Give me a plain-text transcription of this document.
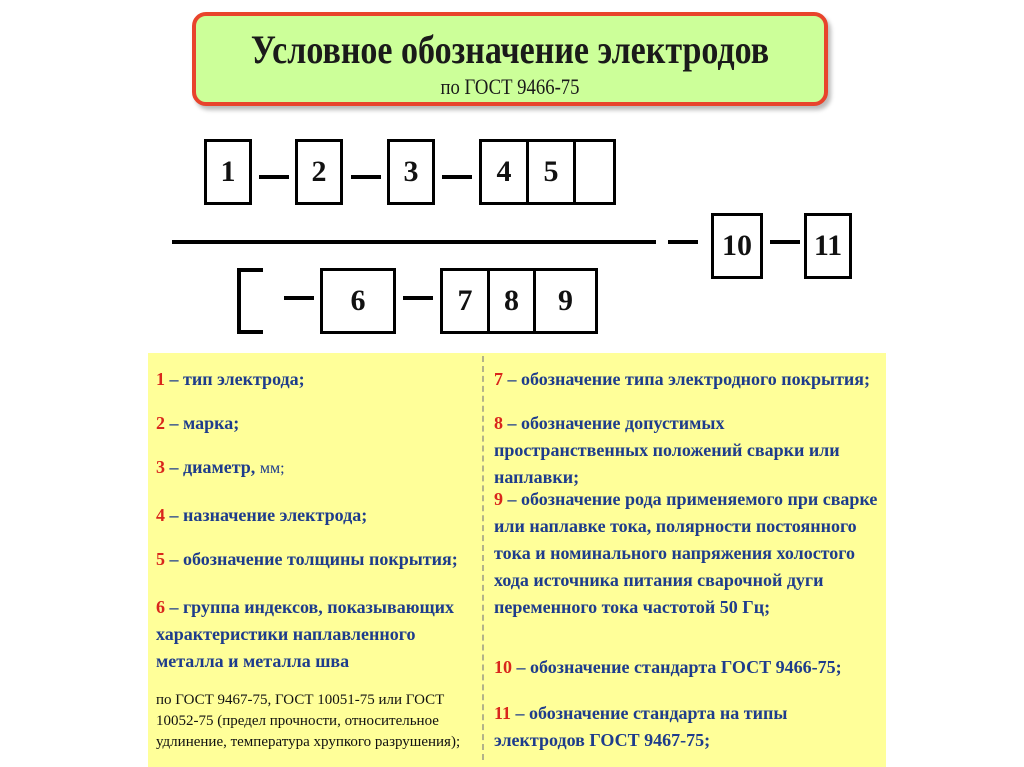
Условное обозначение электродов
по ГОСТ 9466-75
1	2	3	4	5
10 11
6	7	8	9
1 – тип электрода;
2 – марка;
3 – диаметр, мм;
4 – назначение электрода;
5 – обозначение толщины покрытия;
6 – группа индексов, показывающих характеристики наплавленного металла и металла шва
по ГОСТ 9467-75, ГОСТ 10051-75 или ГОСТ 10052-75 (предел прочности, относительное удлинение, температура хрупкого разрушения);
7 – обозначение типа электродного покрытия;
8 – обозначение допустимых пространственных положений сварки или наплавки;
9 – обозначение рода применяемого при сварке или наплавке тока, полярности постоянного тока и номинального напряжения холостого хода источника питания сварочной дуги переменного тока частотой 50 Гц;
10 – обозначение стандарта ГОСТ 9466-75;
11 – обозначение стандарта на типы электродов ГОСТ 9467-75;
